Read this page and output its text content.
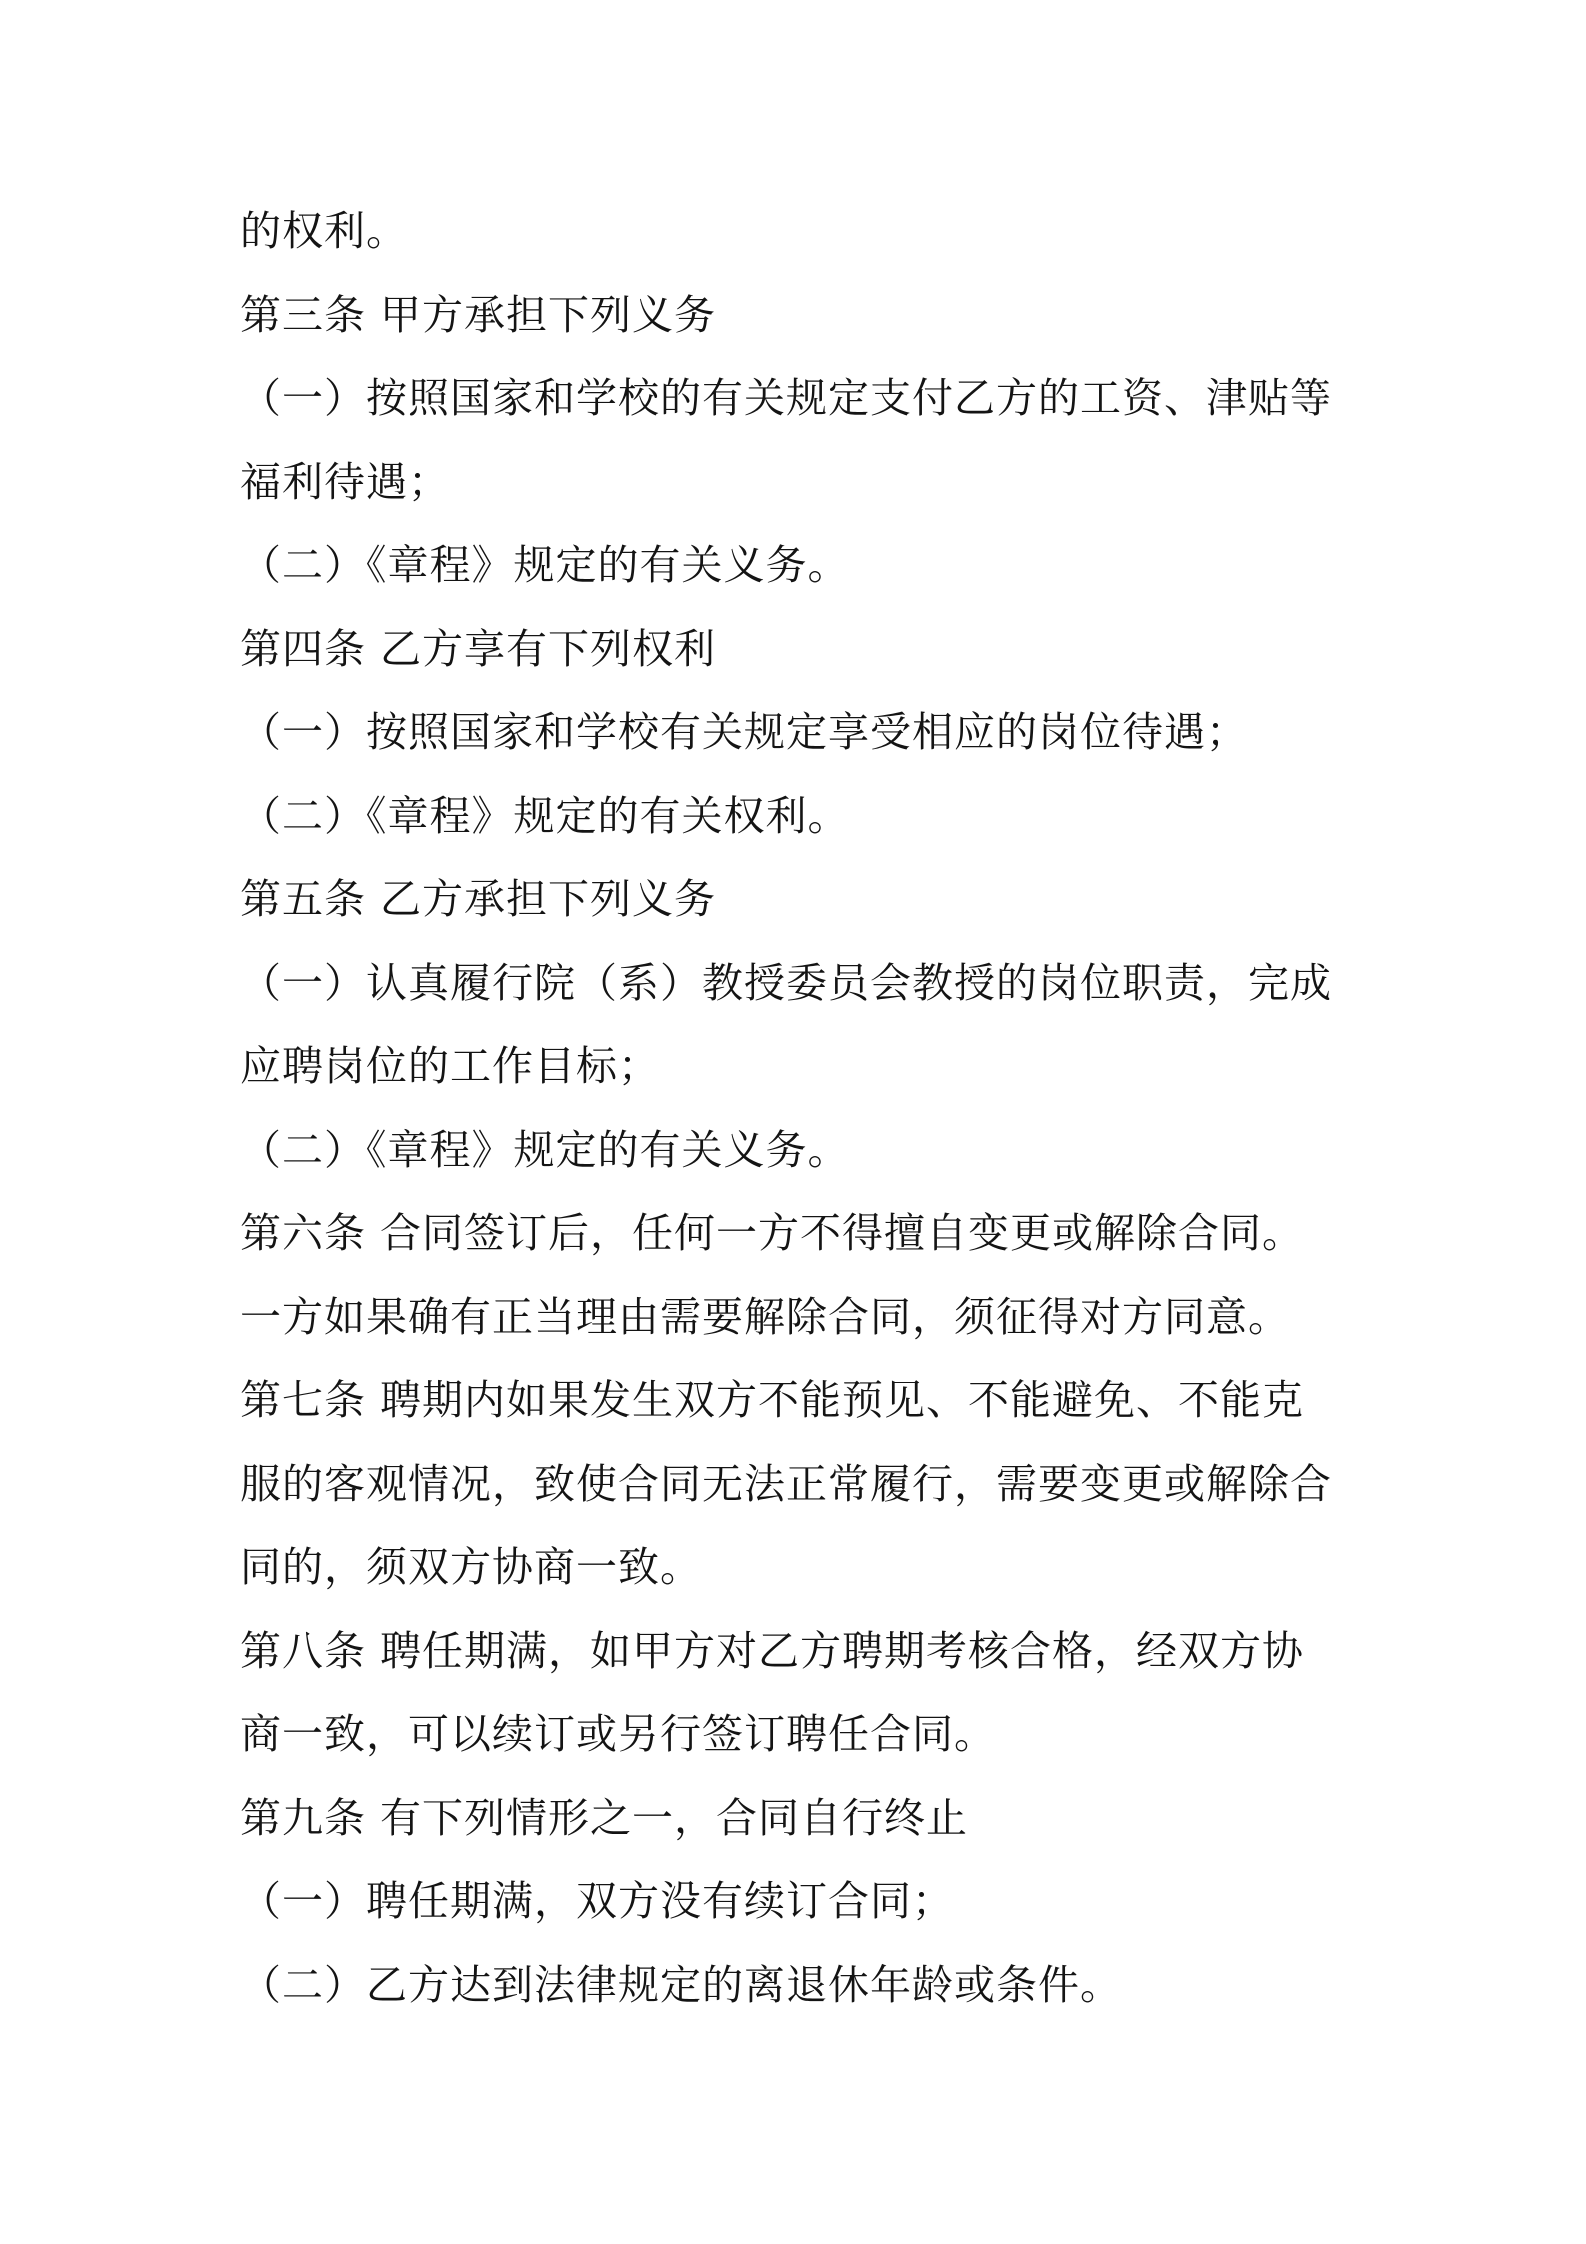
的权利。
第三条 甲方承担下列义务
（一）按照国家和学校的有关规定支付乙方的工资、津贴等
福利待遇；
（二）《章程》规定的有关义务。
第四条 乙方享有下列权利
（一）按照国家和学校有关规定享受相应的岗位待遇；
（二）《章程》规定的有关权利。
第五条 乙方承担下列义务
（一）认真履行院（系）教授委员会教授的岗位职责，完成
应聘岗位的工作目标；
（二）《章程》规定的有关义务。
第六条 合同签订后，任何一方不得擅自变更或解除合同。
一方如果确有正当理由需要解除合同，须征得对方同意。
第七条 聘期内如果发生双方不能预见、不能避免、不能克
服的客观情况，致使合同无法正常履行，需要变更或解除合
同的，须双方协商一致。
第八条 聘任期满，如甲方对乙方聘期考核合格，经双方协
商一致，可以续订或另行签订聘任合同。
第九条 有下列情形之一，合同自行终止
（一）聘任期满，双方没有续订合同；
（二）乙方达到法律规定的离退休年龄或条件。
